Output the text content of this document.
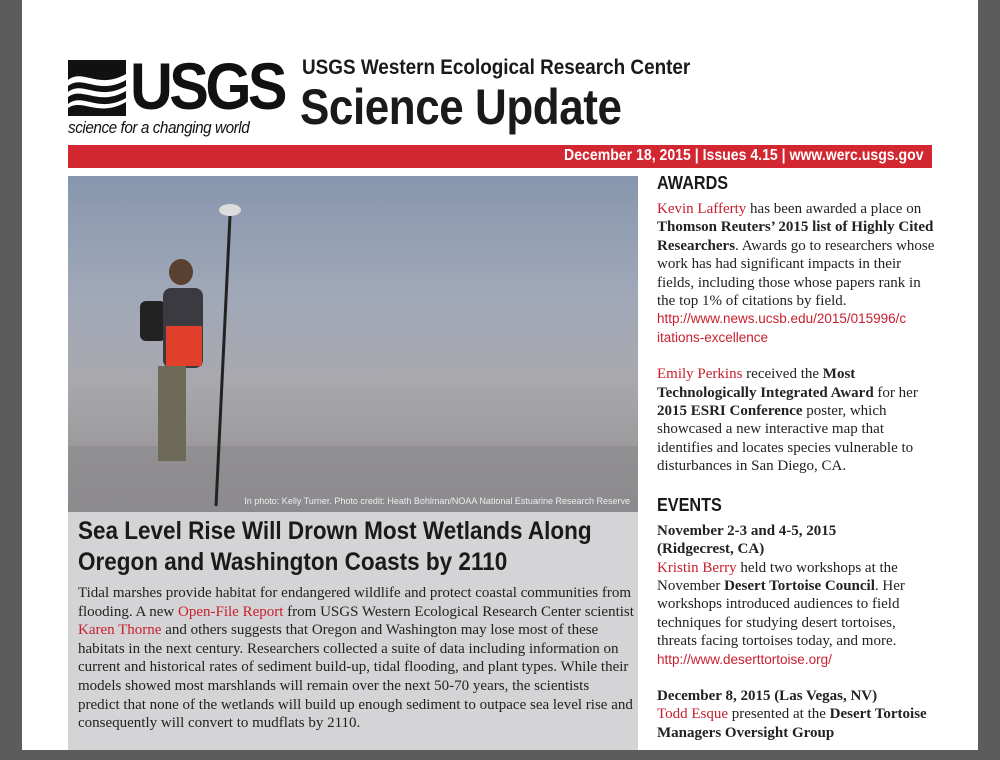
USGS
science for a changing world
USGS Western Ecological Research Center
Science Update
December 18, 2015 | Issues 4.15 | www.werc.usgs.gov
In photo: Kelly Turner. Photo credit: Heath Bohlman/NOAA National Estuarine Research Reserve
Sea Level Rise Will Drown Most Wetlands Along Oregon and Washington Coasts by 2110
Tidal marshes provide habitat for endangered wildlife and protect coastal communities from flooding. A new Open-File Report from USGS Western Ecological Research Center scientist Karen Thorne and others suggests that Oregon and Washington may lose most of these habitats in the next century. Researchers collected a suite of data including information on current and historical rates of sediment build-up, tidal flooding, and plant types. While their models showed most marshlands will remain over the next 50-70 years, the scientists predict that none of the wetlands will build up enough sediment to outpace sea level rise and consequently will convert to mudflats by 2110.
AWARDS

Kevin Lafferty has been awarded a place on Thomson Reuters’ 2015 list of Highly Cited Researchers. Awards go to researchers whose work has had significant impacts in their fields, including those whose papers rank in the top 1% of citations by field.
http://www.news.ucsb.edu/2015/015996/citations-excellence

Emily Perkins received the Most Technologically Integrated Award for her 2015 ESRI Conference poster, which showcased a new interactive map that identifies and locates species vulnerable to disturbances in San Diego, CA.

EVENTS

November 2-3 and 4-5, 2015 (Ridgecrest, CA)
Kristin Berry held two workshops at the November Desert Tortoise Council. Her workshops introduced audiences to field techniques for studying desert tortoises, threats facing tortoises today, and more.
http://www.deserttortoise.org/

December 8, 2015 (Las Vegas, NV)
Todd Esque presented at the Desert Tortoise Managers Oversight Group
